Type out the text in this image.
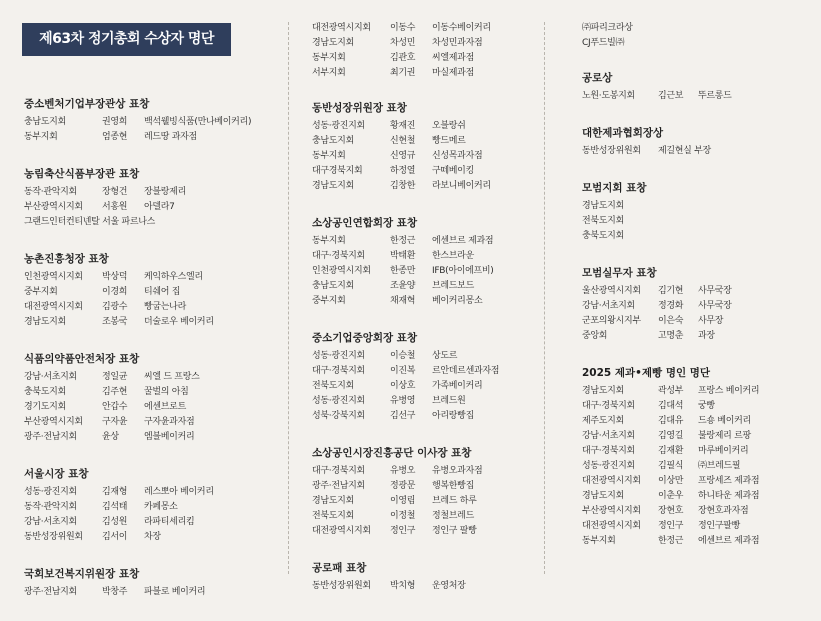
제63차 정기총회 수상자 명단
중소벤처기업부장관상 표창
충남도지회	권영희	백석웰빙식품(만나베이커리)
동부지회	엄종현	레드땅 과자점
농림축산식품부장관 표창
동작·관악지회	장형건	장블랑제리
부산광역시지회	서홍원	아델라7
그랜드인터컨티넨탈 서울 파르나스
농촌진흥청장 표창
인천광역시지회	박상덕	케익하우스엘리
중부지회	이경희	티쉐어 집
대전광역시지회	김광수	빵굽는나라
경남도지회	조봉국	더술로우 베이커리
식품의약품안전처장 표창
강남·서초지회	정일균	씨엘 드 프랑스
충북도지회	김주현	꿀벌의 아침
경기도지회	안갑수	에센브로트
부산광역시지회	구자윤	구자윤과자점
광주·전남지회	윤상	엠블베이커리
서울시장 표창
성동·광진지회	김재형	레스뽀아 베이커리
동작·관악지회	김석태	카페몽소
강남·서초지회	김성원	라파티세리킴
동반성장위원회	김서이	차장
국회보건복지위원장 표창
광주·전남지회	박창주	파블로 베이커리
대전광역시지회	이동수	이동수베이커리
경남도지회	차성민	차성민과자점
동부지회	김관호	씨엘제과점
서부지회	최기권	마실제과점
동반성장위원장 표창
성동·광진지회	황재진	오블랑쉬
충남도지회	신현철	빵드메르
동부지회	신영규	신성목과자점
대구경북지회	하정열	구떼베이킹
경남도지회	김창한	라보니베이커리
소상공인연합회장 표창
동부지회	한정근	에센브르 제과점
대구·경북지회	박태환	한스브라운
인천광역시지회	한종만	IFB(아이에프비)
충남도지회	조윤양	브레드보드
중부지회	채재혁	베이커리몽소
중소기업중앙회장 표창
성동·광진지회	이승철	상도르
대구·경북지회	이진복	르안데르센과자점
전북도지회	이상호	가족베이커리
성동·광진지회	유병영	브레드원
성북·강북지회	김선구	아리랑빵집
소상공인시장진흥공단 이사장 표창
대구·경북지회	유병오	유병오과자점
광주·전남지회	정광문	행복한빵집
경남도지회	이영림	브레드 하루
전북도지회	이정철	정철브레드
대전광역시지회	정인구	정인구 팔빵
공로패 표창
동반성장위원회	박치형	운영처장
㈜파리크라상
CJ푸드빌㈜
공로상
노원·도봉지회	김근보	뚜르롱드
대한제과협회장상
동반성장위원회	제길현실 부장
모범지회 표창
경남도지회
전북도지회
충북도지회
모범실무자 표창
울산광역시지회	김기현	사무국장
강남·서초지회	정경화	사무국장
군포의왕시지부	이은숙	사무장
중앙회	고명춘	과장
2025 제과•제빵 명인 명단
경남도지회	곽성부	프랑스 베이커리
대구·경북지회	김대석	궁빵
제주도지회	김대유	드숑 베이커리
강남·서초지회	김영길	불랑제리 르팡
대구·경북지회	김재환	마루베이커리
성동·광진지회	김필식	㈜브레드필
대전광역시지회	이상만	프랑세즈 제과점
경남도지회	이춘우	하니타운 제과점
부산광역시지회	장현호	장현호과자점
대전광역시지회	정인구	정인구팔빵
동부지회	한정근	에센브르 제과점
